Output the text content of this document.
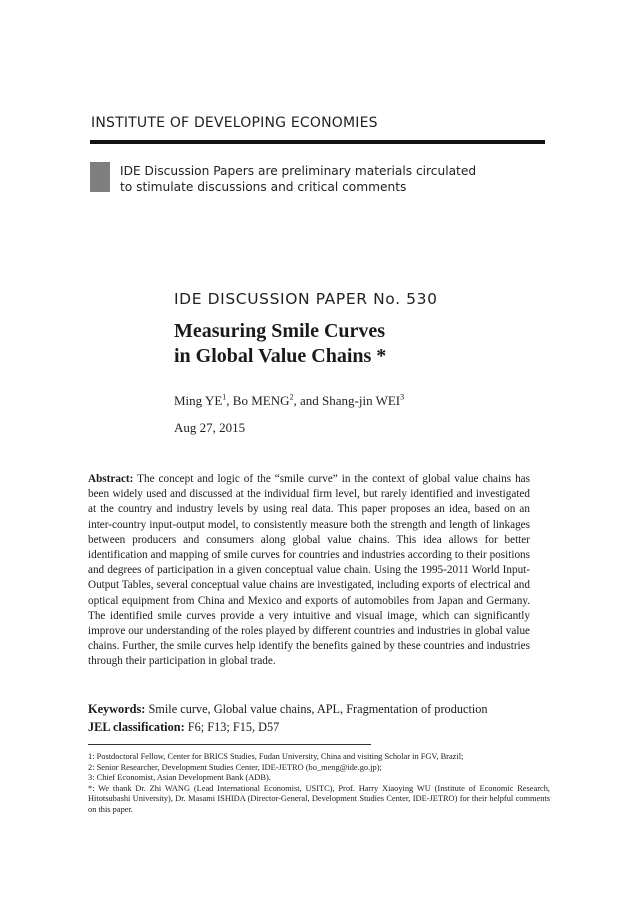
INSTITUTE OF DEVELOPING ECONOMIES
IDE Discussion Papers are preliminary materials circulated
to stimulate discussions and critical comments
IDE DISCUSSION PAPER No. 530
Measuring Smile Curves
in Global Value Chains *
Ming $YE^1$, Bo MENG$^2$, and Shang-jin WEI$^3$
Aug 27, 2015
Abstract: The concept and logic of the “smile curve” in the context of global value chains has been widely used and discussed at the individual firm level, but rarely identified and investigated at the country and industry levels by using real data. This paper proposes an idea, based on an inter-country input-output model, to consistently measure both the strength and length of linkages between producers and consumers along global value chains. This idea allows for better identification and mapping of smile curves for countries and industries according to their positions and degrees of participation in a given conceptual value chain. Using the 1995-2011 World Input-Output Tables, several conceptual value chains are investigated, including exports of electrical and optical equipment from China and Mexico and exports of automobiles from Japan and Germany. The identified smile curves provide a very intuitive and visual image, which can significantly improve our understanding of the roles played by different countries and industries in global value chains. Further, the smile curves help identify the benefits gained by these countries and industries through their participation in global trade.
Keywords: Smile curve, Global value chains, APL, Fragmentation of production
JEL classification: F6; F13; F15, D57

1: Postdoctoral Fellow, Center for BRICS Studies, Fudan University, China and visiting Scholar in FGV, Brazil;

2: Senior Researcher, Development Studies Center, IDE-JETRO (bo_meng@ide.go.jp);

3: Chief Economist, Asian Development Bank (ADB).

*: We thank Dr. Zhi WANG (Lead International Economist, USITC), Prof. Harry Xiaoying WU (Institute of Economic Research, Hitotsubashi University), Dr. Masami ISHIDA (Director-General, Development Studies Center, IDE-JETRO) for their helpful comments on this paper.
